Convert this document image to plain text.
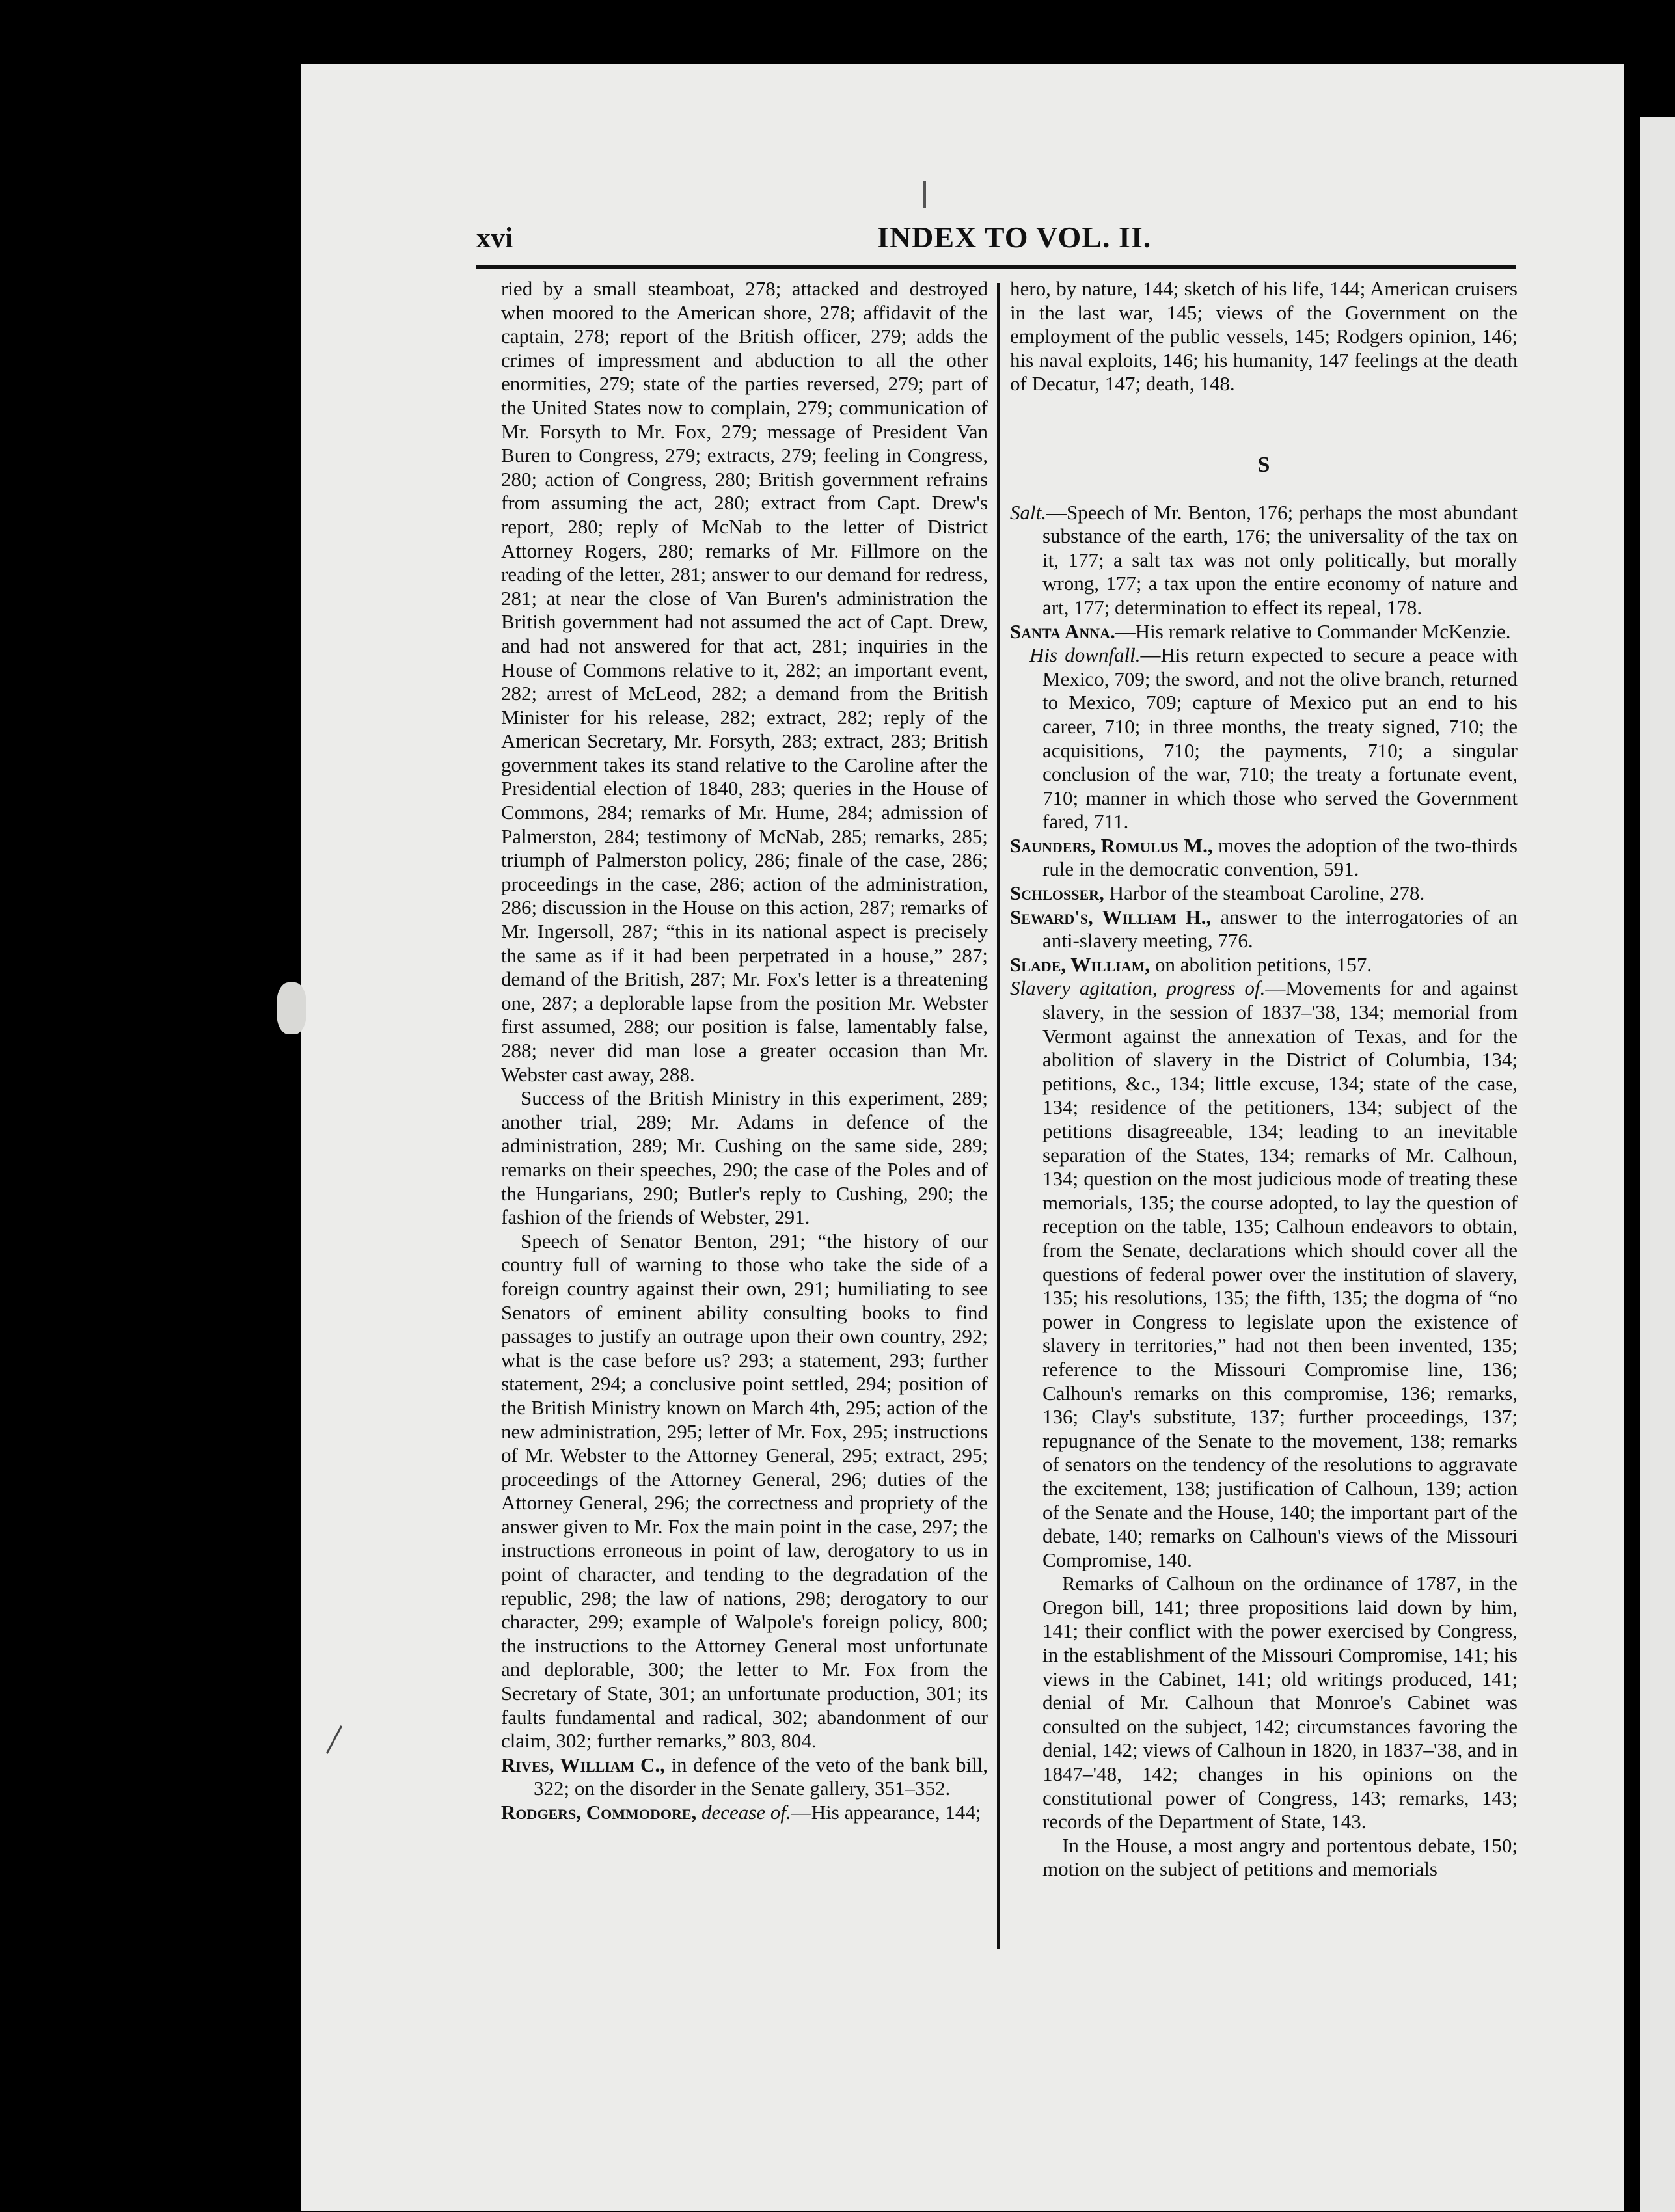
xvi	INDEX TO VOL. II.

ried by a small steamboat, 278; attacked and destroyed when moored to the American shore, 278; affidavit of the captain, 278; report of the British officer, 279; adds the crimes of impressment and abduction to all the other enormities, 279; state of the parties reversed, 279; part of the United States now to complain, 279; communication of Mr. Forsyth to Mr. Fox, 279; message of President Van Buren to Congress, 279; extracts, 279; feeling in Congress, 280; action of Congress, 280; British government refrains from assuming the act, 280; extract from Capt. Drew's report, 280; reply of McNab to the letter of District Attorney Rogers, 280; remarks of Mr. Fillmore on the reading of the letter, 281; answer to our demand for redress, 281; at near the close of Van Buren's administration the British government had not assumed the act of Capt. Drew, and had not answered for that act, 281; inquiries in the House of Commons relative to it, 282; an important event, 282; arrest of McLeod, 282; a demand from the British Minister for his release, 282; extract, 282; reply of the American Secretary, Mr. Forsyth, 283; extract, 283; British government takes its stand relative to the Caroline after the Presidential election of 1840, 283; queries in the House of Commons, 284; remarks of Mr. Hume, 284; admission of Palmerston, 284; testimony of McNab, 285; remarks, 285; triumph of Palmerston policy, 286; finale of the case, 286; proceedings in the case, 286; action of the administration, 286; discussion in the House on this action, 287; remarks of Mr. Ingersoll, 287; “this in its national aspect is precisely the same as if it had been perpetrated in a house,” 287; demand of the British, 287; Mr. Fox's letter is a threatening one, 287; a deplorable lapse from the position Mr. Webster first assumed, 288; our position is false, lamentably false, 288; never did man lose a greater occasion than Mr. Webster cast away, 288.

Success of the British Ministry in this experiment, 289; another trial, 289; Mr. Adams in defence of the administration, 289; Mr. Cushing on the same side, 289; remarks on their speeches, 290; the case of the Poles and of the Hungarians, 290; Butler's reply to Cushing, 290; the fashion of the friends of Webster, 291.

Speech of Senator Benton, 291; “the history of our country full of warning to those who take the side of a foreign country against their own, 291; humiliating to see Senators of eminent ability consulting books to find passages to justify an outrage upon their own country, 292; what is the case before us? 293; a statement, 293; further statement, 294; a conclusive point settled, 294; position of the British Ministry known on March 4th, 295; action of the new administration, 295; letter of Mr. Fox, 295; instructions of Mr. Webster to the Attorney General, 295; extract, 295; proceedings of the Attorney General, 296; duties of the Attorney General, 296; the correctness and propriety of the answer given to Mr. Fox the main point in the case, 297; the instructions erroneous in point of law, derogatory to us in point of character, and tending to the degradation of the republic, 298; the law of nations, 298; derogatory to our character, 299; example of Walpole's foreign policy, 800; the instructions to the Attorney General most unfortunate and deplorable, 300; the letter to Mr. Fox from the Secretary of State, 301; an unfortunate production, 301; its faults fundamental and radical, 302; abandonment of our claim, 302; further remarks,” 803, 804.

Rives, William C., in defence of the veto of the bank bill, 322; on the disorder in the Senate gallery, 351–352.

Rodgers, Commodore, decease of.—His appearance, 144;

hero, by nature, 144; sketch of his life, 144; American cruisers in the last war, 145; views of the Government on the employment of the public vessels, 145; Rodgers opinion, 146; his naval exploits, 146; his humanity, 147 feelings at the death of Decatur, 147; death, 148.

S

Salt.—Speech of Mr. Benton, 176; perhaps the most abundant substance of the earth, 176; the universality of the tax on it, 177; a salt tax was not only politically, but morally wrong, 177; a tax upon the entire economy of nature and art, 177; determination to effect its repeal, 178.

Santa Anna.—His remark relative to Commander McKenzie.

His downfall.—His return expected to secure a peace with Mexico, 709; the sword, and not the olive branch, returned to Mexico, 709; capture of Mexico put an end to his career, 710; in three months, the treaty signed, 710; the acquisitions, 710; the payments, 710; a singular conclusion of the war, 710; the treaty a fortunate event, 710; manner in which those who served the Government fared, 711.

Saunders, Romulus M., moves the adoption of the two-thirds rule in the democratic convention, 591.

Schlosser, Harbor of the steamboat Caroline, 278.

Seward's, William H., answer to the interrogatories of an anti-slavery meeting, 776.

Slade, William, on abolition petitions, 157.

Slavery agitation, progress of.—Movements for and against slavery, in the session of 1837–'38, 134; memorial from Vermont against the annexation of Texas, and for the abolition of slavery in the District of Columbia, 134; petitions, &c., 134; little excuse, 134; state of the case, 134; residence of the petitioners, 134; subject of the petitions disagreeable, 134; leading to an inevitable separation of the States, 134; remarks of Mr. Calhoun, 134; question on the most judicious mode of treating these memorials, 135; the course adopted, to lay the question of reception on the table, 135; Calhoun endeavors to obtain, from the Senate, declarations which should cover all the questions of federal power over the institution of slavery, 135; his resolutions, 135; the fifth, 135; the dogma of “no power in Congress to legislate upon the existence of slavery in territories,” had not then been invented, 135; reference to the Missouri Compromise line, 136; Calhoun's remarks on this compromise, 136; remarks, 136; Clay's substitute, 137; further proceedings, 137; repugnance of the Senate to the movement, 138; remarks of senators on the tendency of the resolutions to aggravate the excitement, 138; justification of Calhoun, 139; action of the Senate and the House, 140; the important part of the debate, 140; remarks on Calhoun's views of the Missouri Compromise, 140.

Remarks of Calhoun on the ordinance of 1787, in the Oregon bill, 141; three propositions laid down by him, 141; their conflict with the power exercised by Congress, in the establishment of the Missouri Compromise, 141; his views in the Cabinet, 141; old writings produced, 141; denial of Mr. Calhoun that Monroe's Cabinet was consulted on the subject, 142; circumstances favoring the denial, 142; views of Calhoun in 1820, in 1837–'38, and in 1847–'48, 142; changes in his opinions on the constitutional power of Congress, 143; remarks, 143; records of the Department of State, 143.

In the House, a most angry and portentous debate, 150; motion on the subject of petitions and memorials
